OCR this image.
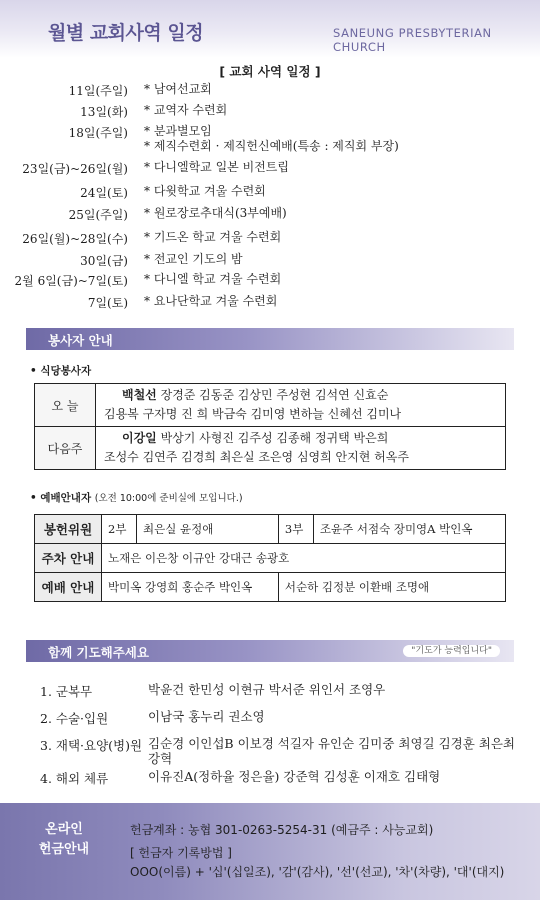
월별 교회사역 일정	SANEUNG PRESBYTERIAN CHURCH
[ 교회 사역 일정 ]
11일(주일) * 남여선교회
13일(화) * 교역자 수련회
18일(주일) * 분과별모임
* 제직수련회 · 제직헌신예배(특송 : 제직회 부장)
23일(금)~26일(월) * 다니엘학교 일본 비전트립
24일(토) * 다윗학교 겨울 수련회
25일(주일) * 원로장로추대식(3부예배)
26일(월)~28일(수) * 기드온 학교 겨울 수련회
30일(금) * 전교인 기도의 밤
2월 6일(금)~7일(토) * 다니엘 학교 겨울 수련회
7일(토) * 요나단학교 겨울 수련회
봉사자 안내
• 식당봉사자
오 늘	백철선 장경준 김동준 김상민 주성현 김석연 신효순
김용복 구자명 진 희 박금숙 김미영 변하늘 신혜선 김미나

다음주	이강일 박상기 사형진 김주성 김종해 정귀택 박은희
조성수 김연주 김경희 최은실 조은영 심영희 안지현 허옥주
• 예배안내자 (오전 10:00에 준비실에 모입니다.)
봉헌위원	2부	최은실 윤정애	3부	조윤주 서점숙 장미영A 박인옥
주차 안내	노재은 이은창 이규안 강대근 송광호			
예배 안내	박미옥 강영희 홍순주 박인옥		서순하 김정분 이환배 조명애	
함께 기도해주세요	"기도가 능력입니다"
1. 군복무	박윤건 한민성 이현규 박서준 위인서 조영우
2. 수술·입원	이남국 홍누리 권소영
3. 재택·요양(병)원 김순경 이인섭B 이보경 석길자 유인순 김미중 최영길 김경훈 최은최강혁
4. 해외 체류	이유진A(정하율 정은율) 강준혁 김성훈 이재호 김태형
온라인
헌금안내
헌금계좌 : 농협 301-0263-5254-31 (예금주 : 사능교회)
[ 헌금자 기록방법 ]
OOO(이름) + '십'(십일조), '감'(감사), '선'(선교), '차'(차량), '대'(대지)
